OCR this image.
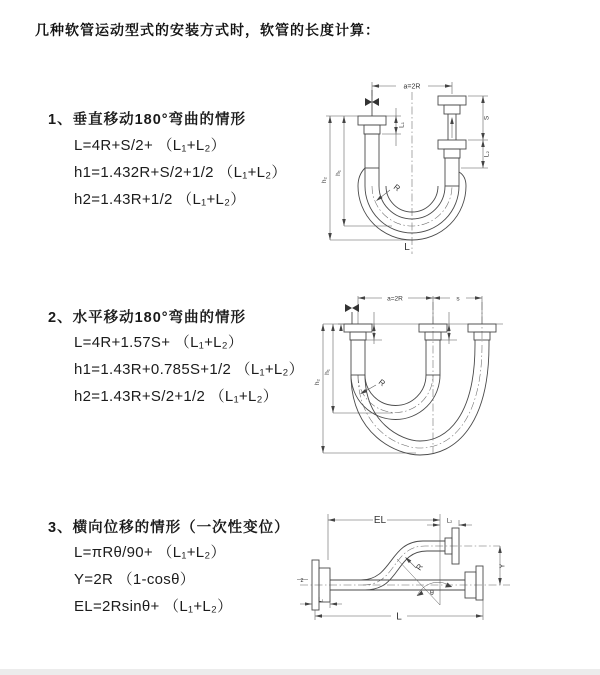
几种软管运动型式的安装方式时，软管的长度计算：
1、垂直移动180°弯曲的情形
L=4R+S/2+ （L₁+L₂）
h1=1.432R+S/2+1/2 （L₁+L₂）
h2=1.43R+1/2 （L₁+L₂）
2、水平移动180°弯曲的情形
L=4R+1.57S+ （L₁+L₂）
h1=1.43R+0.785S+1/2 （L₁+L₂）
h2=1.43R+S/2+1/2 （L₁+L₂）
3、横向位移的情形（一次性变位）
L=πRθ/90+ （L₁+L₂）
Y=2R （1-cosθ）
EL=2Rsinθ+ （L₁+L₂）
a=2R
L₁
S
L₂
h₂
h₁
R
L
a=2R	s
h₂
h₁
R
z
EL	L₂
Y
L
L₁
θ
R
